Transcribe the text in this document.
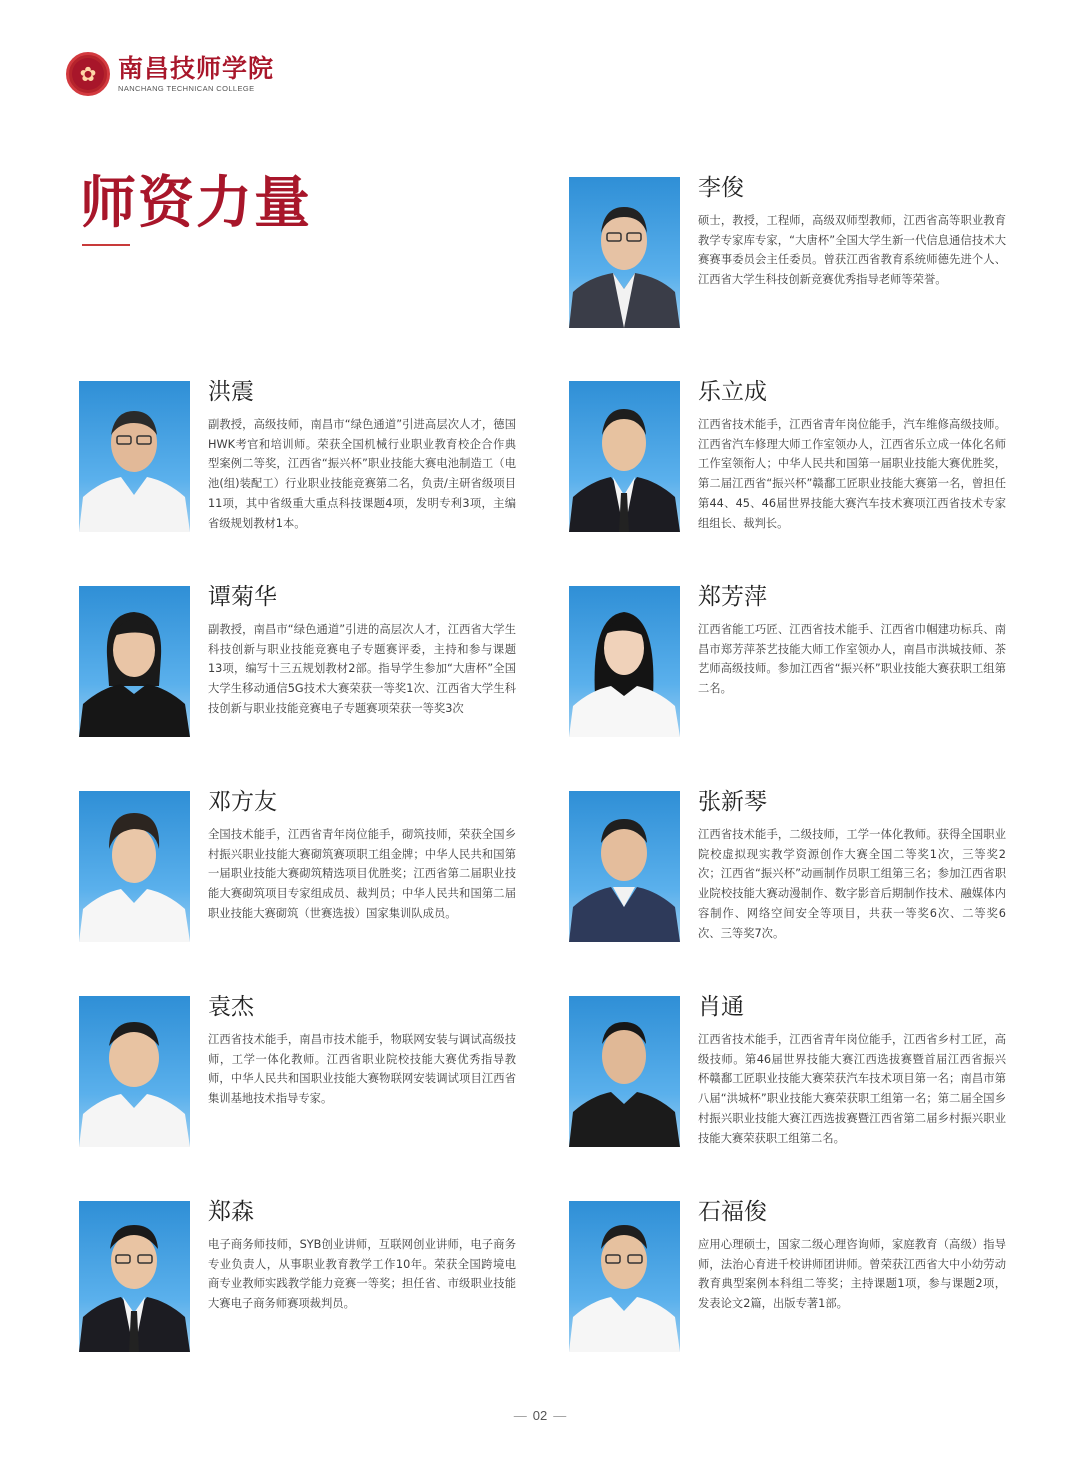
✿ 南昌技师学院
NANCHANG TECHNICAN COLLEGE
师资力量	李俊
硕士，教授，工程师，高级双师型教师，江西省高等职业教育教学专家库专家，“大唐杯”全国大学生新一代信息通信技术大赛赛事委员会主任委员。曾获江西省教育系统师德先进个人、江西省大学生科技创新竞赛优秀指导老师等荣誉。
洪震
副教授，高级技师，南昌市“绿色通道”引进高层次人才，德国HWK考官和培训师。荣获全国机械行业职业教育校企合作典型案例二等奖，江西省“振兴杯”职业技能大赛电池制造工（电池(组)装配工）行业职业技能竞赛第二名，负责/主研省级项目11项，其中省级重大重点科技课题4项，发明专利3项，主编省级规划教材1本。
乐立成
江西省技术能手，江西省青年岗位能手，汽车维修高级技师。江西省汽车修理大师工作室领办人，江西省乐立成一体化名师工作室领衔人；中华人民共和国第一届职业技能大赛优胜奖，第二届江西省“振兴杯”赣鄱工匠职业技能大赛第一名，曾担任第44、45、46届世界技能大赛汽车技术赛项江西省技术专家组组长、裁判长。
谭菊华
副教授，南昌市“绿色通道”引进的高层次人才，江西省大学生科技创新与职业技能竞赛电子专题赛评委，主持和参与课题13项，编写十三五规划教材2部。指导学生参加“大唐杯”全国大学生移动通信5G技术大赛荣获一等奖1次、江西省大学生科技创新与职业技能竞赛电子专题赛项荣获一等奖3次
郑芳萍
江西省能工巧匠、江西省技术能手、江西省巾帼建功标兵、南昌市郑芳萍茶艺技能大师工作室领办人，南昌市洪城技师、茶艺师高级技师。参加江西省“振兴杯”职业技能大赛获职工组第二名。
邓方友
全国技术能手，江西省青年岗位能手，砌筑技师，荣获全国乡村振兴职业技能大赛砌筑赛项职工组金牌；中华人民共和国第一届职业技能大赛砌筑精选项目优胜奖；江西省第二届职业技能大赛砌筑项目专家组成员、裁判员；中华人民共和国第二届职业技能大赛砌筑（世赛选拔）国家集训队成员。
张新琴
江西省技术能手，二级技师，工学一体化教师。获得全国职业院校虚拟现实教学资源创作大赛全国二等奖1次，三等奖2次；江西省“振兴杯”动画制作员职工组第三名；参加江西省职业院校技能大赛动漫制作、数字影音后期制作技术、融媒体内容制作、网络空间安全等项目，共获一等奖6次、二等奖6次、三等奖7次。
袁杰
江西省技术能手，南昌市技术能手，物联网安装与调试高级技师，工学一体化教师。江西省职业院校技能大赛优秀指导教师，中华人民共和国职业技能大赛物联网安装调试项目江西省集训基地技术指导专家。
肖通
江西省技术能手，江西省青年岗位能手，江西省乡村工匠，高级技师。第46届世界技能大赛江西选拔赛暨首届江西省振兴杯赣鄱工匠职业技能大赛荣获汽车技术项目第一名；南昌市第八届“洪城杯”职业技能大赛荣获职工组第一名；第二届全国乡村振兴职业技能大赛江西选拔赛暨江西省第二届乡村振兴职业技能大赛荣获职工组第二名。
郑森
电子商务师技师，SYB创业讲师，互联网创业讲师，电子商务专业负责人，从事职业教育教学工作10年。荣获全国跨境电商专业教师实践教学能力竞赛一等奖；担任省、市级职业技能大赛电子商务师赛项裁判员。
石福俊
应用心理硕士，国家二级心理咨询师，家庭教育（高级）指导师，法治心育进千校讲师团讲师。曾荣获江西省大中小幼劳动教育典型案例本科组二等奖；主持课题1项，参与课题2项，发表论文2篇，出版专著1部。
— 02 —
